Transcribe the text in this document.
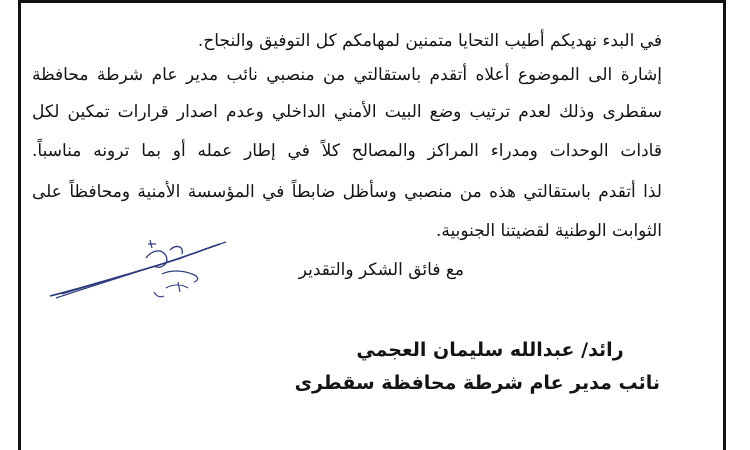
في البدء نهديكم أطيب التحايا متمنين لمهامكم كل التوفيق والنجاح.
إشارة الى الموضوع أعلاه أتقدم باستقالتي من منصبي نائب مدير عام شرطة محافظة
سقطرى وذلك لعدم ترتيب وضع البيت الأمني الداخلي وعدم اصدار قرارات تمكين لكل
قادات الوحدات ومدراء المراكز والمصالح كلاً في إطار عمله أو بما ترونه مناسباً.
لذا أتقدم باستقالتي هذه من منصبي وسأظل ضابطاً في المؤسسة الأمنية ومحافظاً على
الثوابت الوطنية لقضيتنا الجنوبية.
مع فائق الشكر والتقدير
رائد/ عبدالله سليمان العجمي
نائب مدير عام شرطة محافظة سقطرى
